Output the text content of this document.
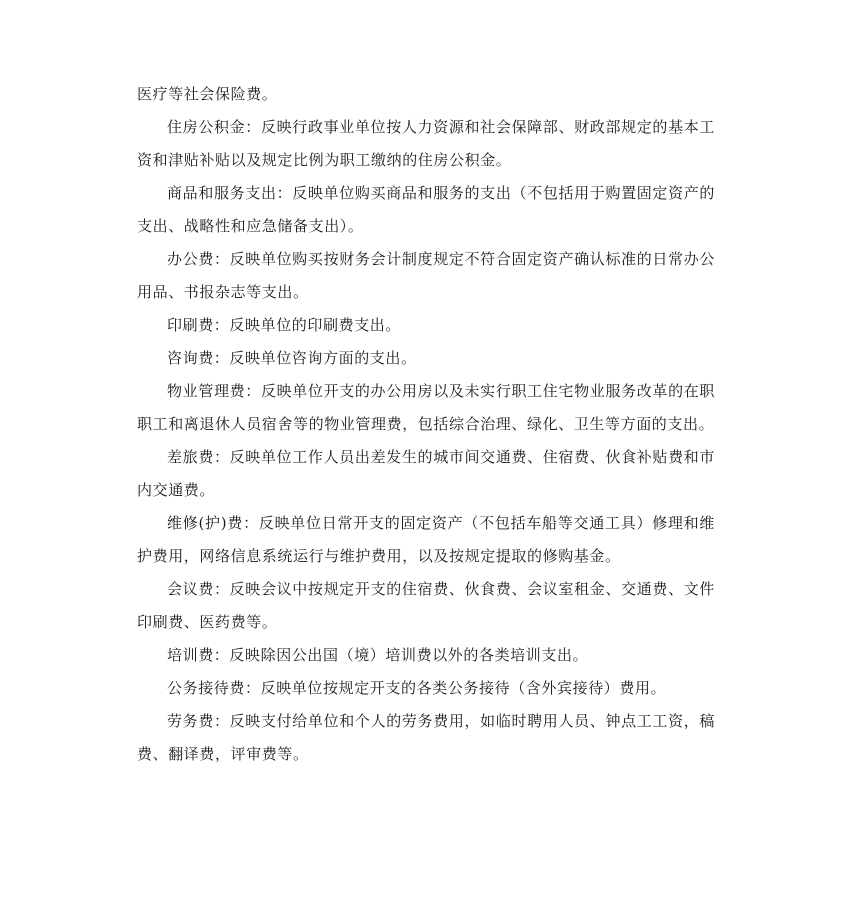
医疗等社会保险费。

住房公积金：反映行政事业单位按人力资源和社会保障部、财政部规定的基本工资和津贴补贴以及规定比例为职工缴纳的住房公积金。

商品和服务支出：反映单位购买商品和服务的支出（不包括用于购置固定资产的支出、战略性和应急储备支出）。

办公费：反映单位购买按财务会计制度规定不符合固定资产确认标准的日常办公用品、书报杂志等支出。

印刷费：反映单位的印刷费支出。

咨询费：反映单位咨询方面的支出。

物业管理费：反映单位开支的办公用房以及未实行职工住宅物业服务改革的在职职工和离退休人员宿舍等的物业管理费，包括综合治理、绿化、卫生等方面的支出。

差旅费：反映单位工作人员出差发生的城市间交通费、住宿费、伙食补贴费和市内交通费。

维修(护)费：反映单位日常开支的固定资产（不包括车船等交通工具）修理和维护费用，网络信息系统运行与维护费用，以及按规定提取的修购基金。

会议费：反映会议中按规定开支的住宿费、伙食费、会议室租金、交通费、文件印刷费、医药费等。

培训费：反映除因公出国（境）培训费以外的各类培训支出。

公务接待费：反映单位按规定开支的各类公务接待（含外宾接待）费用。

劳务费：反映支付给单位和个人的劳务费用，如临时聘用人员、钟点工工资，稿费、翻译费，评审费等。
